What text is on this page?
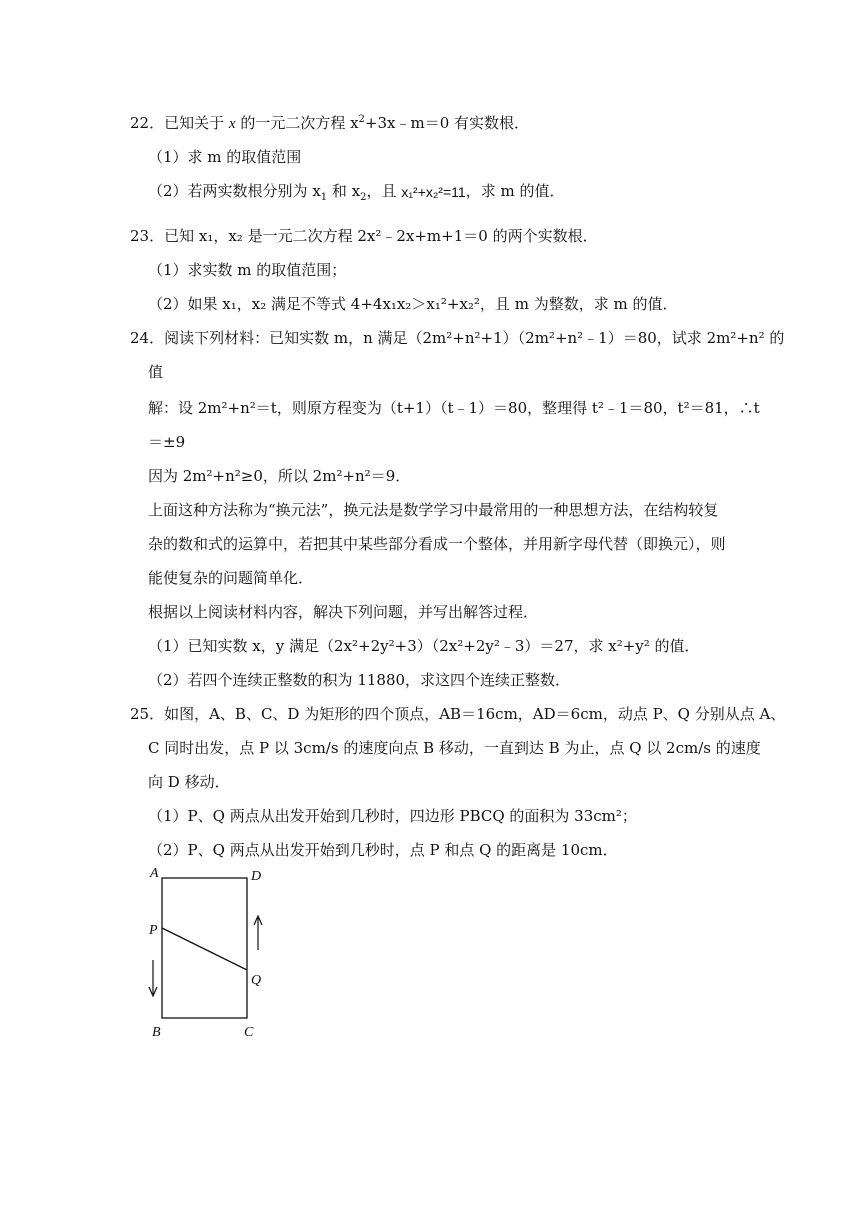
22．已知关于 x 的一元二次方程 $x^2+3x﹣m=0$ 有实数根．
（1）求 m 的取值范围
（2）若两实数根分别为 $x_1$ 和 $x_2$，且 x₁²+x₂²=11，求 m 的值．
23．已知 x₁，x₂ 是一元二次方程 2x²﹣2x+m+1＝0 的两个实数根．
（1）求实数 m 的取值范围；
（2）如果 x₁，x₂ 满足不等式 4+4x₁x₂＞x₁²+x₂²，且 m 为整数，求 m 的值．
24．阅读下列材料：已知实数 m，n 满足（2m²+n²+1）（2m²+n²﹣1）＝80，试求 2m²+n² 的
值
解：设 2m²+n²＝t，则原方程变为（t+1）（t﹣1）＝80，整理得 t²﹣1＝80，t²＝81，∴t
＝±9
因为 2m²+n²≥0，所以 2m²+n²＝9．
上面这种方法称为“换元法”，换元法是数学学习中最常用的一种思想方法，在结构较复
杂的数和式的运算中，若把其中某些部分看成一个整体，并用新字母代替（即换元），则
能使复杂的问题简单化．
根据以上阅读材料内容，解决下列问题，并写出解答过程．
（1）已知实数 x，y 满足（2x²+2y²+3）（2x²+2y²﹣3）＝27，求 x²+y² 的值．
（2）若四个连续正整数的积为 11880，求这四个连续正整数．
25．如图，A、B、C、D 为矩形的四个顶点，AB＝16cm，AD＝6cm，动点 P、Q 分别从点 A、
C 同时出发，点 P 以 3cm/s 的速度向点 B 移动，一直到达 B 为止，点 Q 以 2cm/s 的速度
向 D 移动．
（1）P、Q 两点从出发开始到几秒时，四边形 PBCQ 的面积为 33cm²；
（2）P、Q 两点从出发开始到几秒时，点 P 和点 Q 的距离是 10cm．
A	D
P
Q
B	C
